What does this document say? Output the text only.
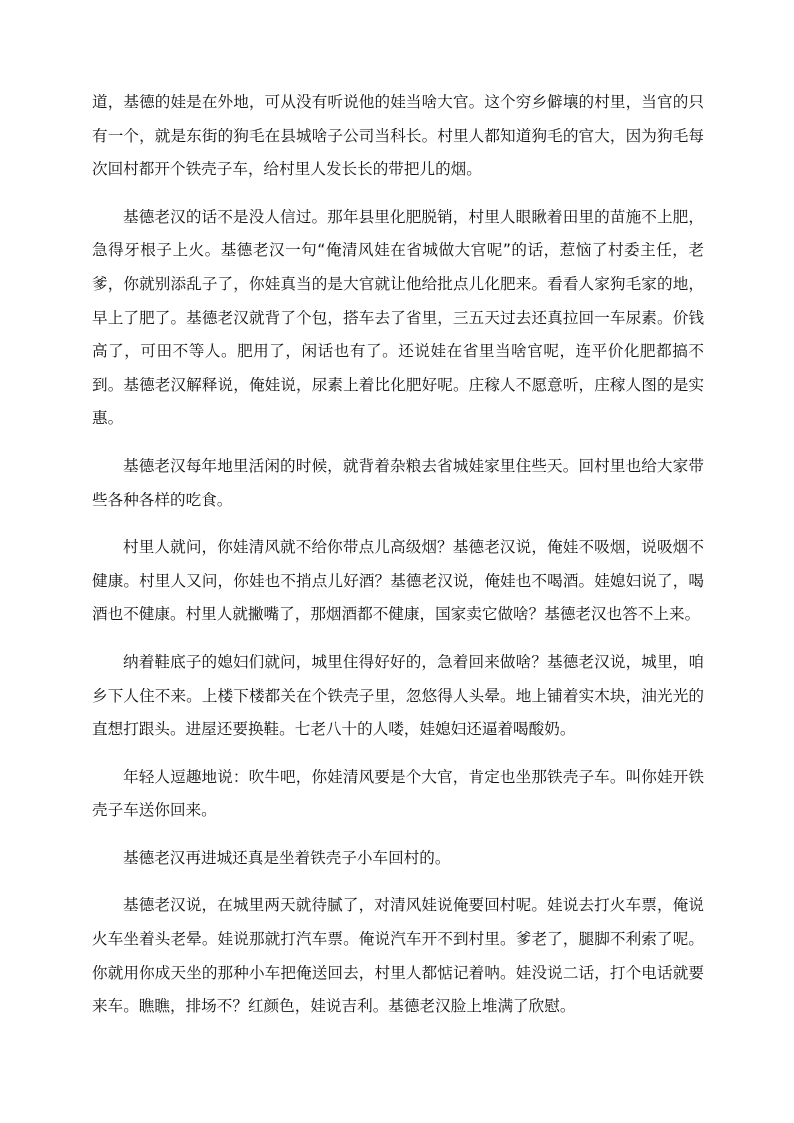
道，基德的娃是在外地，可从没有听说他的娃当啥大官。这个穷乡僻壤的村里，当官的只有一个，就是东街的狗毛在县城啥子公司当科长。村里人都知道狗毛的官大，因为狗毛每次回村都开个铁壳子车，给村里人发长长的带把儿的烟。

基德老汉的话不是没人信过。那年县里化肥脱销，村里人眼瞅着田里的苗施不上肥，急得牙根子上火。基德老汉一句“俺清风娃在省城做大官呢”的话，惹恼了村委主任，老爹，你就别添乱子了，你娃真当的是大官就让他给批点儿化肥来。看看人家狗毛家的地，早上了肥了。基德老汉就背了个包，搭车去了省里，三五天过去还真拉回一车尿素。价钱高了，可田不等人。肥用了，闲话也有了。还说娃在省里当啥官呢，连平价化肥都搞不到。基德老汉解释说，俺娃说，尿素上着比化肥好呢。庄稼人不愿意听，庄稼人图的是实惠。

基德老汉每年地里活闲的时候，就背着杂粮去省城娃家里住些天。回村里也给大家带些各种各样的吃食。

村里人就问，你娃清风就不给你带点儿高级烟？基德老汉说，俺娃不吸烟，说吸烟不健康。村里人又问，你娃也不捎点儿好酒？基德老汉说，俺娃也不喝酒。娃媳妇说了，喝酒也不健康。村里人就撇嘴了，那烟酒都不健康，国家卖它做啥？基德老汉也答不上来。

纳着鞋底子的媳妇们就问，城里住得好好的，急着回来做啥？基德老汉说，城里，咱乡下人住不来。上楼下楼都关在个铁壳子里，忽悠得人头晕。地上铺着实木块，油光光的直想打跟头。进屋还要换鞋。七老八十的人喽，娃媳妇还逼着喝酸奶。

年轻人逗趣地说：吹牛吧，你娃清风要是个大官，肯定也坐那铁壳子车。叫你娃开铁壳子车送你回来。

基德老汉再进城还真是坐着铁壳子小车回村的。

基德老汉说，在城里两天就待腻了，对清风娃说俺要回村呢。娃说去打火车票，俺说火车坐着头老晕。娃说那就打汽车票。俺说汽车开不到村里。爹老了，腿脚不利索了呢。你就用你成天坐的那种小车把俺送回去，村里人都惦记着呐。娃没说二话，打个电话就要来车。瞧瞧，排场不？红颜色，娃说吉利。基德老汉脸上堆满了欣慰。
